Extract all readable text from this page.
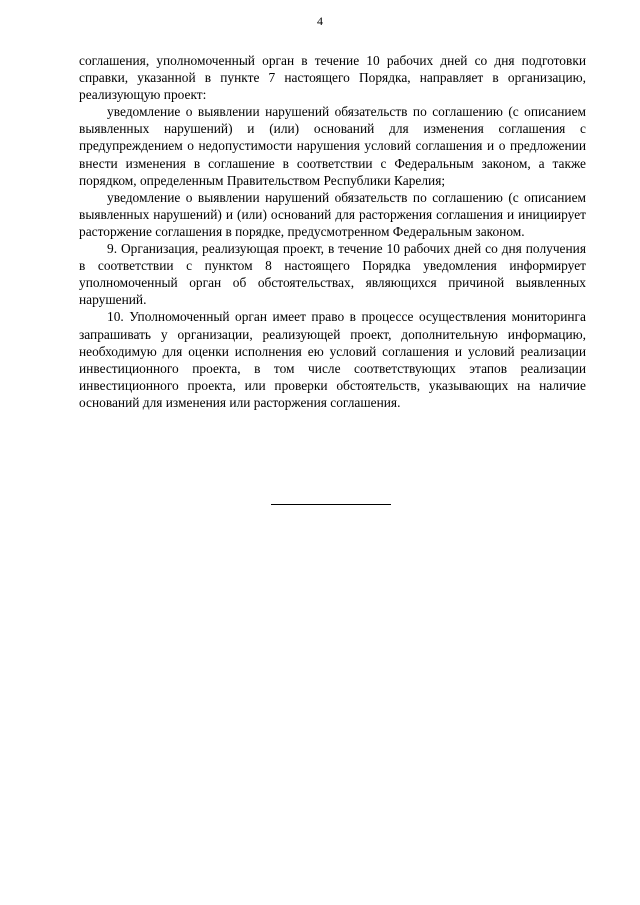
4

соглашения, уполномоченный орган в течение 10 рабочих дней со дня подготовки справки, указанной в пункте 7 настоящего Порядка, направляет в организацию, реализующую проект:

уведомление о выявлении нарушений обязательств по соглашению (с описанием выявленных нарушений) и (или) оснований для изменения соглашения с предупреждением о недопустимости нарушения условий соглашения и о предложении внести изменения в соглашение в соответствии с Федеральным законом, а также порядком, определенным Правительством Республики Карелия;

уведомление о выявлении нарушений обязательств по соглашению (с описанием выявленных нарушений) и (или) оснований для расторжения соглашения и инициирует расторжение соглашения в порядке, предусмотренном Федеральным законом.

9. Организация, реализующая проект, в течение 10 рабочих дней со дня получения в соответствии с пунктом 8 настоящего Порядка уведомления информирует уполномоченный орган об обстоятельствах, являющихся причиной выявленных нарушений.

10. Уполномоченный орган имеет право в процессе осуществления мониторинга запрашивать у организации, реализующей проект, дополнительную информацию, необходимую для оценки исполнения ею условий соглашения и условий реализации инвестиционного проекта, в том числе соответствующих этапов реализации инвестиционного проекта, или проверки обстоятельств, указывающих на наличие оснований для изменения или расторжения соглашения.
